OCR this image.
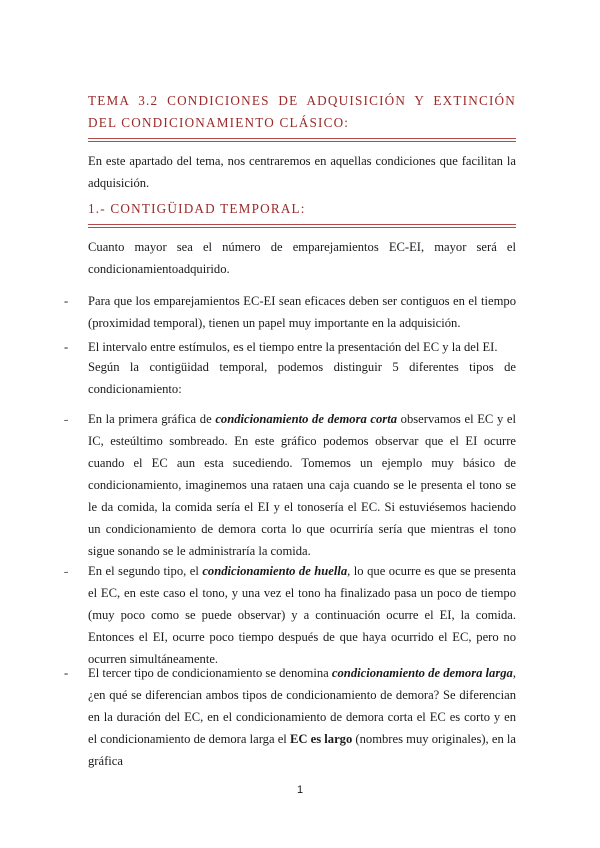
TEMA 3.2 CONDICIONES DE ADQUISICIÓN Y EXTINCIÓN DEL CONDICIONAMIENTO CLÁSICO:
En este apartado del tema, nos centraremos en aquellas condiciones que facilitan la adquisición.
1.- CONTIGÜIDAD TEMPORAL:
Cuanto mayor sea el número de emparejamientos EC-EI, mayor será el condicionamientoadquirido.
-	Para que los emparejamientos EC-EI sean eficaces deben ser contiguos en el tiempo (proximidad temporal), tienen un papel muy importante en la adquisición.
-	El intervalo entre estímulos, es el tiempo entre la presentación del EC y la del EI.
Según la contigüidad temporal, podemos distinguir 5 diferentes tipos de condicionamiento:
˗	En la primera gráfica de condicionamiento de demora corta observamos el EC y el IC, esteúltimo sombreado. En este gráfico podemos observar que el EI ocurre cuando el EC aun esta sucediendo. Tomemos un ejemplo muy básico de condicionamiento, imaginemos una rataen una caja cuando se le presenta el tono se le da comida, la comida sería el EI y el tonosería el EC. Si estuviésemos haciendo un condicionamiento de demora corta lo que ocurriría sería que mientras el tono sigue sonando se le administraría la comida.
˗	En el segundo tipo, el condicionamiento de huella, lo que ocurre es que se presenta el EC, en este caso el tono, y una vez el tono ha finalizado pasa un poco de tiempo (muy poco como se puede observar) y a continuación ocurre el EI, la comida. Entonces el EI, ocurre poco tiempo después de que haya ocurrido el EC, pero no ocurren simultáneamente.
-	El tercer tipo de condicionamiento se denomina condicionamiento de demora larga, ¿en qué se diferencian ambos tipos de condicionamiento de demora? Se diferencian en la duración del EC, en el condicionamiento de demora corta el EC es corto y en el condicionamiento de demora larga el EC es largo (nombres muy originales), en la gráfica
1
